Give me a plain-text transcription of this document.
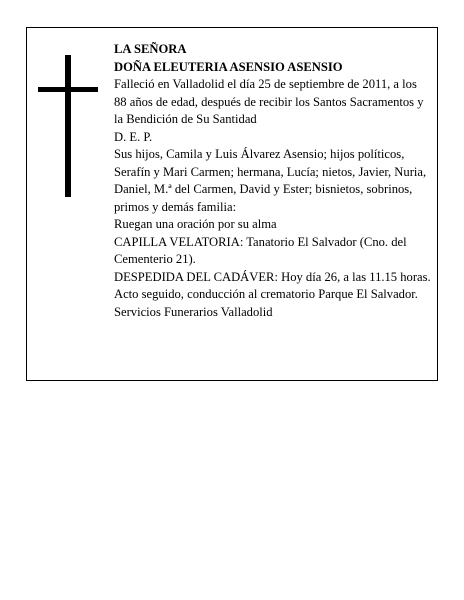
LA SEÑORA

DOÑA ELEUTERIA ASENSIO ASENSIO

Falleció en Valladolid el día 25 de septiembre de 2011, a los 88 años de edad, después de recibir los Santos Sacramentos y la Bendición de Su Santidad

D. E. P.

Sus hijos, Camila y Luis Álvarez Asensio; hijos políticos, Serafín y Mari Carmen; hermana, Lucía; nietos, Javier, Nuria, Daniel, M.ª del Carmen, David y Ester; bisnietos, sobrinos, primos y demás familia:

Ruegan una oración por su alma

CAPILLA VELATORIA: Tanatorio El Salvador (Cno. del Cementerio 21).

DESPEDIDA DEL CADÁVER: Hoy día 26, a las 11.15 horas. Acto seguido, conducción al crematorio Parque El Salvador.

Servicios Funerarios Valladolid
